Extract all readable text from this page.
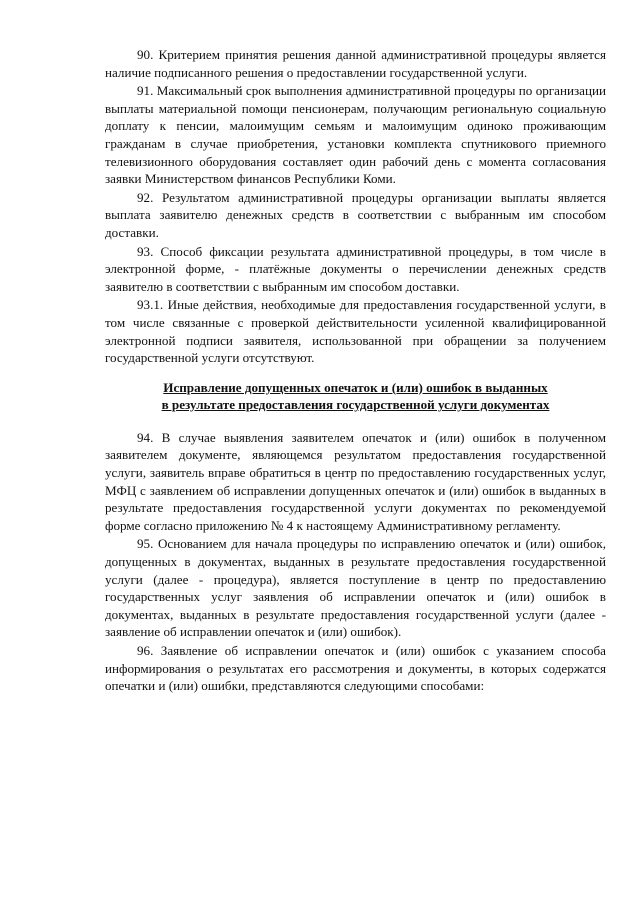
90. Критерием принятия решения данной административной процедуры является наличие подписанного решения о предоставлении государственной услуги.

91. Максимальный срок выполнения административной процедуры по организации выплаты материальной помощи пенсионерам, получающим региональную социальную доплату к пенсии, малоимущим семьям и малоимущим одиноко проживающим гражданам в случае приобретения, установки комплекта спутникового приемного телевизионного оборудования составляет один рабочий день с момента согласования заявки Министерством финансов Республики Коми.

92. Результатом административной процедуры организации выплаты является выплата заявителю денежных средств в соответствии с выбранным им способом доставки.

93. Способ фиксации результата административной процедуры, в том числе в электронной форме, - платёжные документы о перечислении денежных средств заявителю в соответствии с выбранным им способом доставки.

93.1. Иные действия, необходимые для предоставления государственной услуги, в том числе связанные с проверкой действительности усиленной квалифицированной электронной подписи заявителя, использованной при обращении за получением государственной услуги отсутствуют.

Исправление допущенных опечаток и (или) ошибок в выданных
в результате предоставления государственной услуги документах

94. В случае выявления заявителем опечаток и (или) ошибок в полученном заявителем документе, являющемся результатом предоставления государственной услуги, заявитель вправе обратиться в центр по предоставлению государственных услуг, МФЦ с заявлением об исправлении допущенных опечаток и (или) ошибок в выданных в результате предоставления государственной услуги документах по рекомендуемой форме согласно приложению № 4 к настоящему Административному регламенту.

95. Основанием для начала процедуры по исправлению опечаток и (или) ошибок, допущенных в документах, выданных в результате предоставления государственной услуги (далее - процедура), является поступление в центр по предоставлению государственных услуг заявления об исправлении опечаток и (или) ошибок в документах, выданных в результате предоставления государственной услуги (далее - заявление об исправлении опечаток и (или) ошибок).

96. Заявление об исправлении опечаток и (или) ошибок с указанием способа информирования о результатах его рассмотрения и документы, в которых содержатся опечатки и (или) ошибки, представляются следующими способами:
